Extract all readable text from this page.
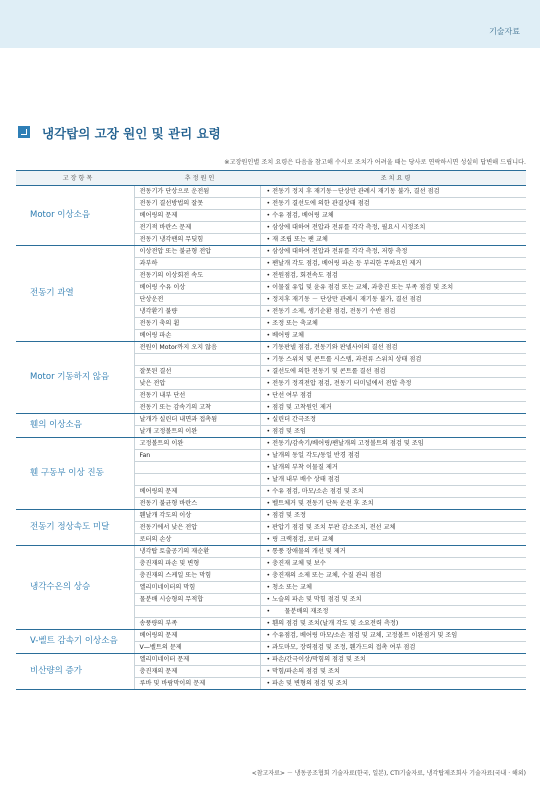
기술자료
냉각탑의 고장 원인 및 관리 요령
※고장원인별 조치 요령은 다음을 참고해 수시로 조치가 어려울 때는 당사로 연락하시면 성실히 답변해 드립니다.
고 장 항 목	추 정 원 인	조 치 요 령
Motor 이상소음	전동기가 단상으로 운전됨	• 전동기 정지 후 재기동－단상만 관례시 재기동 불가, 결선 점검
	전동기 결선방법의 잘못	• 전동기 결선도에 의한 관결상태 점검
	베어링의 문제	• 수유 점검, 베어링 교체
	전기적 바란스 문제	• 삼상에 대하여 전압과 전류를 각각 측정, 필요시 시정조치
	전동기 냉각팬의 무딪힘	• 재 조립 또는 팬 교체
전동기 과열	이상전압 또는 불균형 전압	• 삼상에 대하여 전압과 전류를 각각 측정, 저항 측정
	과부하	• 팬날개 각도 점검, 베어링 파손 등 부리한 무하요인 제거
	전동기의 이상회전 속도	• 전원점검, 회전속도 점검
	베어링 수유 이상	• 이물질 유입 및 윤유 점검 또는 교체, 과충진 또는 부족 점검 및 조치
	단상운전	• 정지후 재기동 － 단상만 관례시 재기동 불가, 결선 점검
	냉각환기 불량	• 전동기 소제, 생기순환 점검, 전동기 수반 점검
	전동기 축의 휨	• 조정 또는 축교체
	베어링 파손	• 베어링 교체
Motor 기동하지 않음	전원이 Motor까지 오지 않음	• 기동판넬 점검, 전동기와 판넬사이의 결선 점검
		• 기동 스위치 및 콘트롤 시스템, 과전류 스위치 상태 점검
	잘못된 결선	• 결선도에 의한 전동기 및 콘트롤 결선 점검
	낮은 전압	• 전동기 정격전압 점검, 전동기 터미널에서 전압 측정
	전동기 내부 단선	• 단선 여부 점검
	전동기 또는 감속기의 고착	• 점검 및 고착원인 제거
휀의 이상소음	날개가 실린더 내면과 접촉됨	• 실린더 간극조정
	날개 고정볼트의 이완	• 점검 및 조임
휀 구동부 이상 진동	고정볼트의 이완	• 전동기/감속기/베어링/팬날개의 고정볼트의 점검 및 조임
	Fan	• 날개의 동일 각도/동일 반경 점검
		• 날개의 부착 이물질 제거
		• 날개 내부 배수 상태 점검
	베어링의 문제	• 수유 점검, 마모/소손 점검 및 조치
	전동기 불균형 바란스	• 벨트체거 및 전동기 단독 운전 후 조치
전동기 정상속도 미달	휀날개 각도의 이상	• 점검 및 조정
	전동기에서 낮은 전압	• 판압기 점검 및 조치 무판 감소조치, 전선 교체
	로터의 손상	• 링 크랙점검, 로터 교체
냉각수온의 상승	냉각탑 토출공기의 재순환	• 통풍 장애물의 개선 및 제거
	충진재의 파손 및 변형	• 충진재 교체 및 보수
	충진재의 스케일 또는 막힘	• 충진재의 소제 또는 교체, 수질 관리 점검
	엘리미네이터의 막힘	• 청소 또는 교체
	물분배 시승형의 무적합	• 노슬의 파손 및 막힘 점검 및 조치
		• 　　물분배의 재조정
	송풍량의 부족	• 휀의 점검 및 조치(날개 각도 및 소요전력 측정)
V-벨트 감속기 이상소음	베어링의 문제	• 수유점검, 베어링 마모/소손 점검 및 교체, 고정볼트 이완점거 및 조임
	V—벨트의 문제	• 과도마모, 장력점검 및 조정, 휀가드의 접촉 여부 점검
비산량의 증가	엘리미네이터 문제	• 파손/간극이상/막힘의 점검 및 조치
	충진재의 문제	• 막힘/파손의 점검 및 조치
	루바 및 바람막이의 문제	• 파손 및 변형의 점검 및 조치
<참고자료> － 냉동공조협회 기술자료(한국, 일본), CTI기술자료, 냉각탑제조회사 기술자료(국내 · 해외)
